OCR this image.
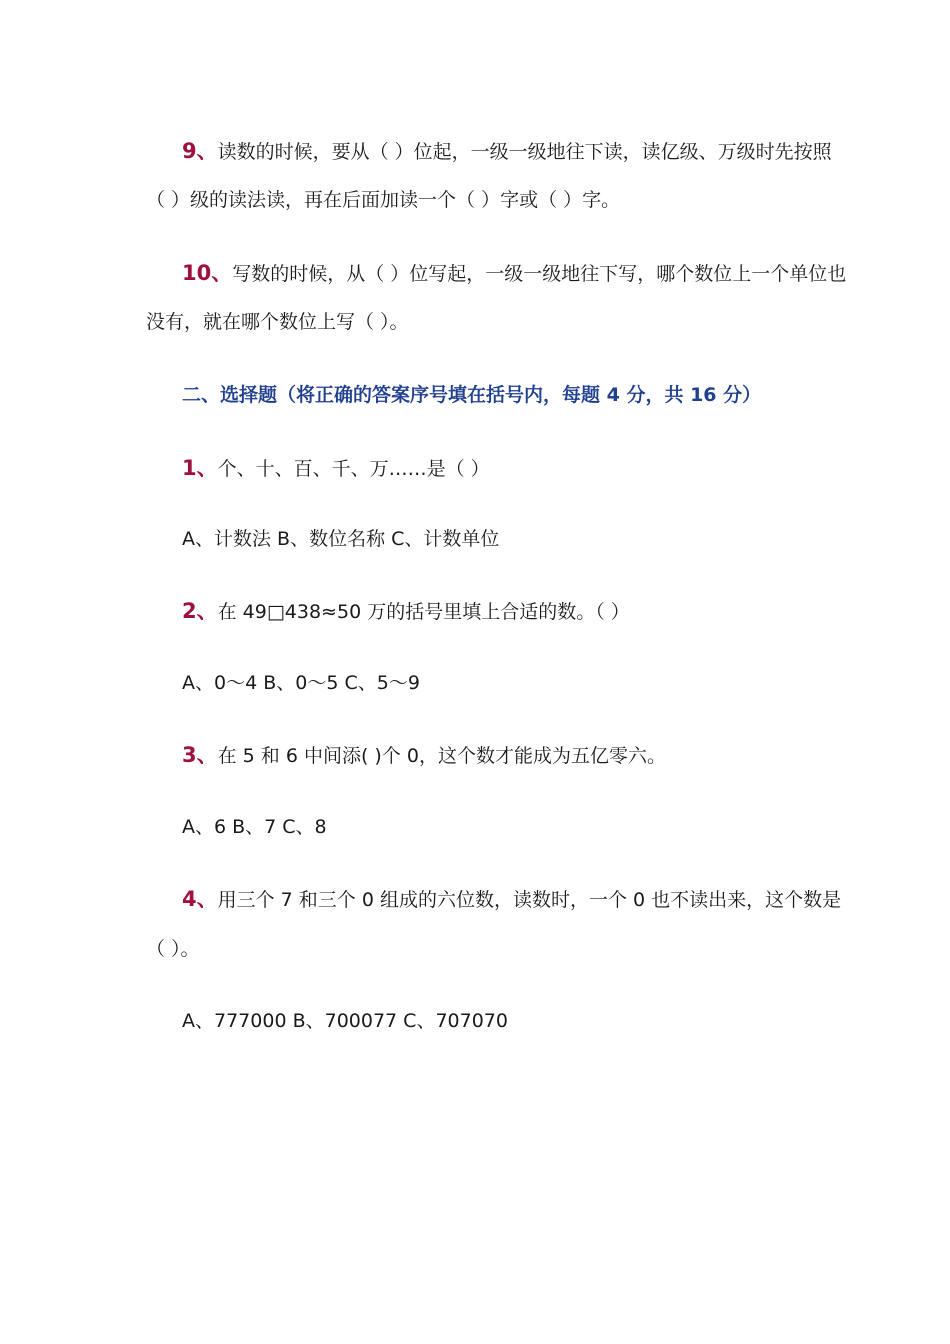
9、读数的时候，要从（ ）位起，一级一级地往下读，读亿级、万级时先按照
（ ）级的读法读，再在后面加读一个（ ）字或（ ）字。
10、写数的时候，从（ ）位写起，一级一级地往下写，哪个数位上一个单位也
没有，就在哪个数位上写（ ）。
二、选择题（将正确的答案序号填在括号内，每题 4 分，共 16 分）
1、个、十、百、千、万……是（ ）
A、计数法 B、数位名称 C、计数单位
2、在 49□438≈50 万的括号里填上合适的数。（ ）
A、0～4 B、0～5 C、5～9
3、在 5 和 6 中间添( )个 0，这个数才能成为五亿零六。
A、6 B、7 C、8
4、用三个 7 和三个 0 组成的六位数，读数时，一个 0 也不读出来，这个数是
（ ）。
A、777000 B、700077 C、707070
